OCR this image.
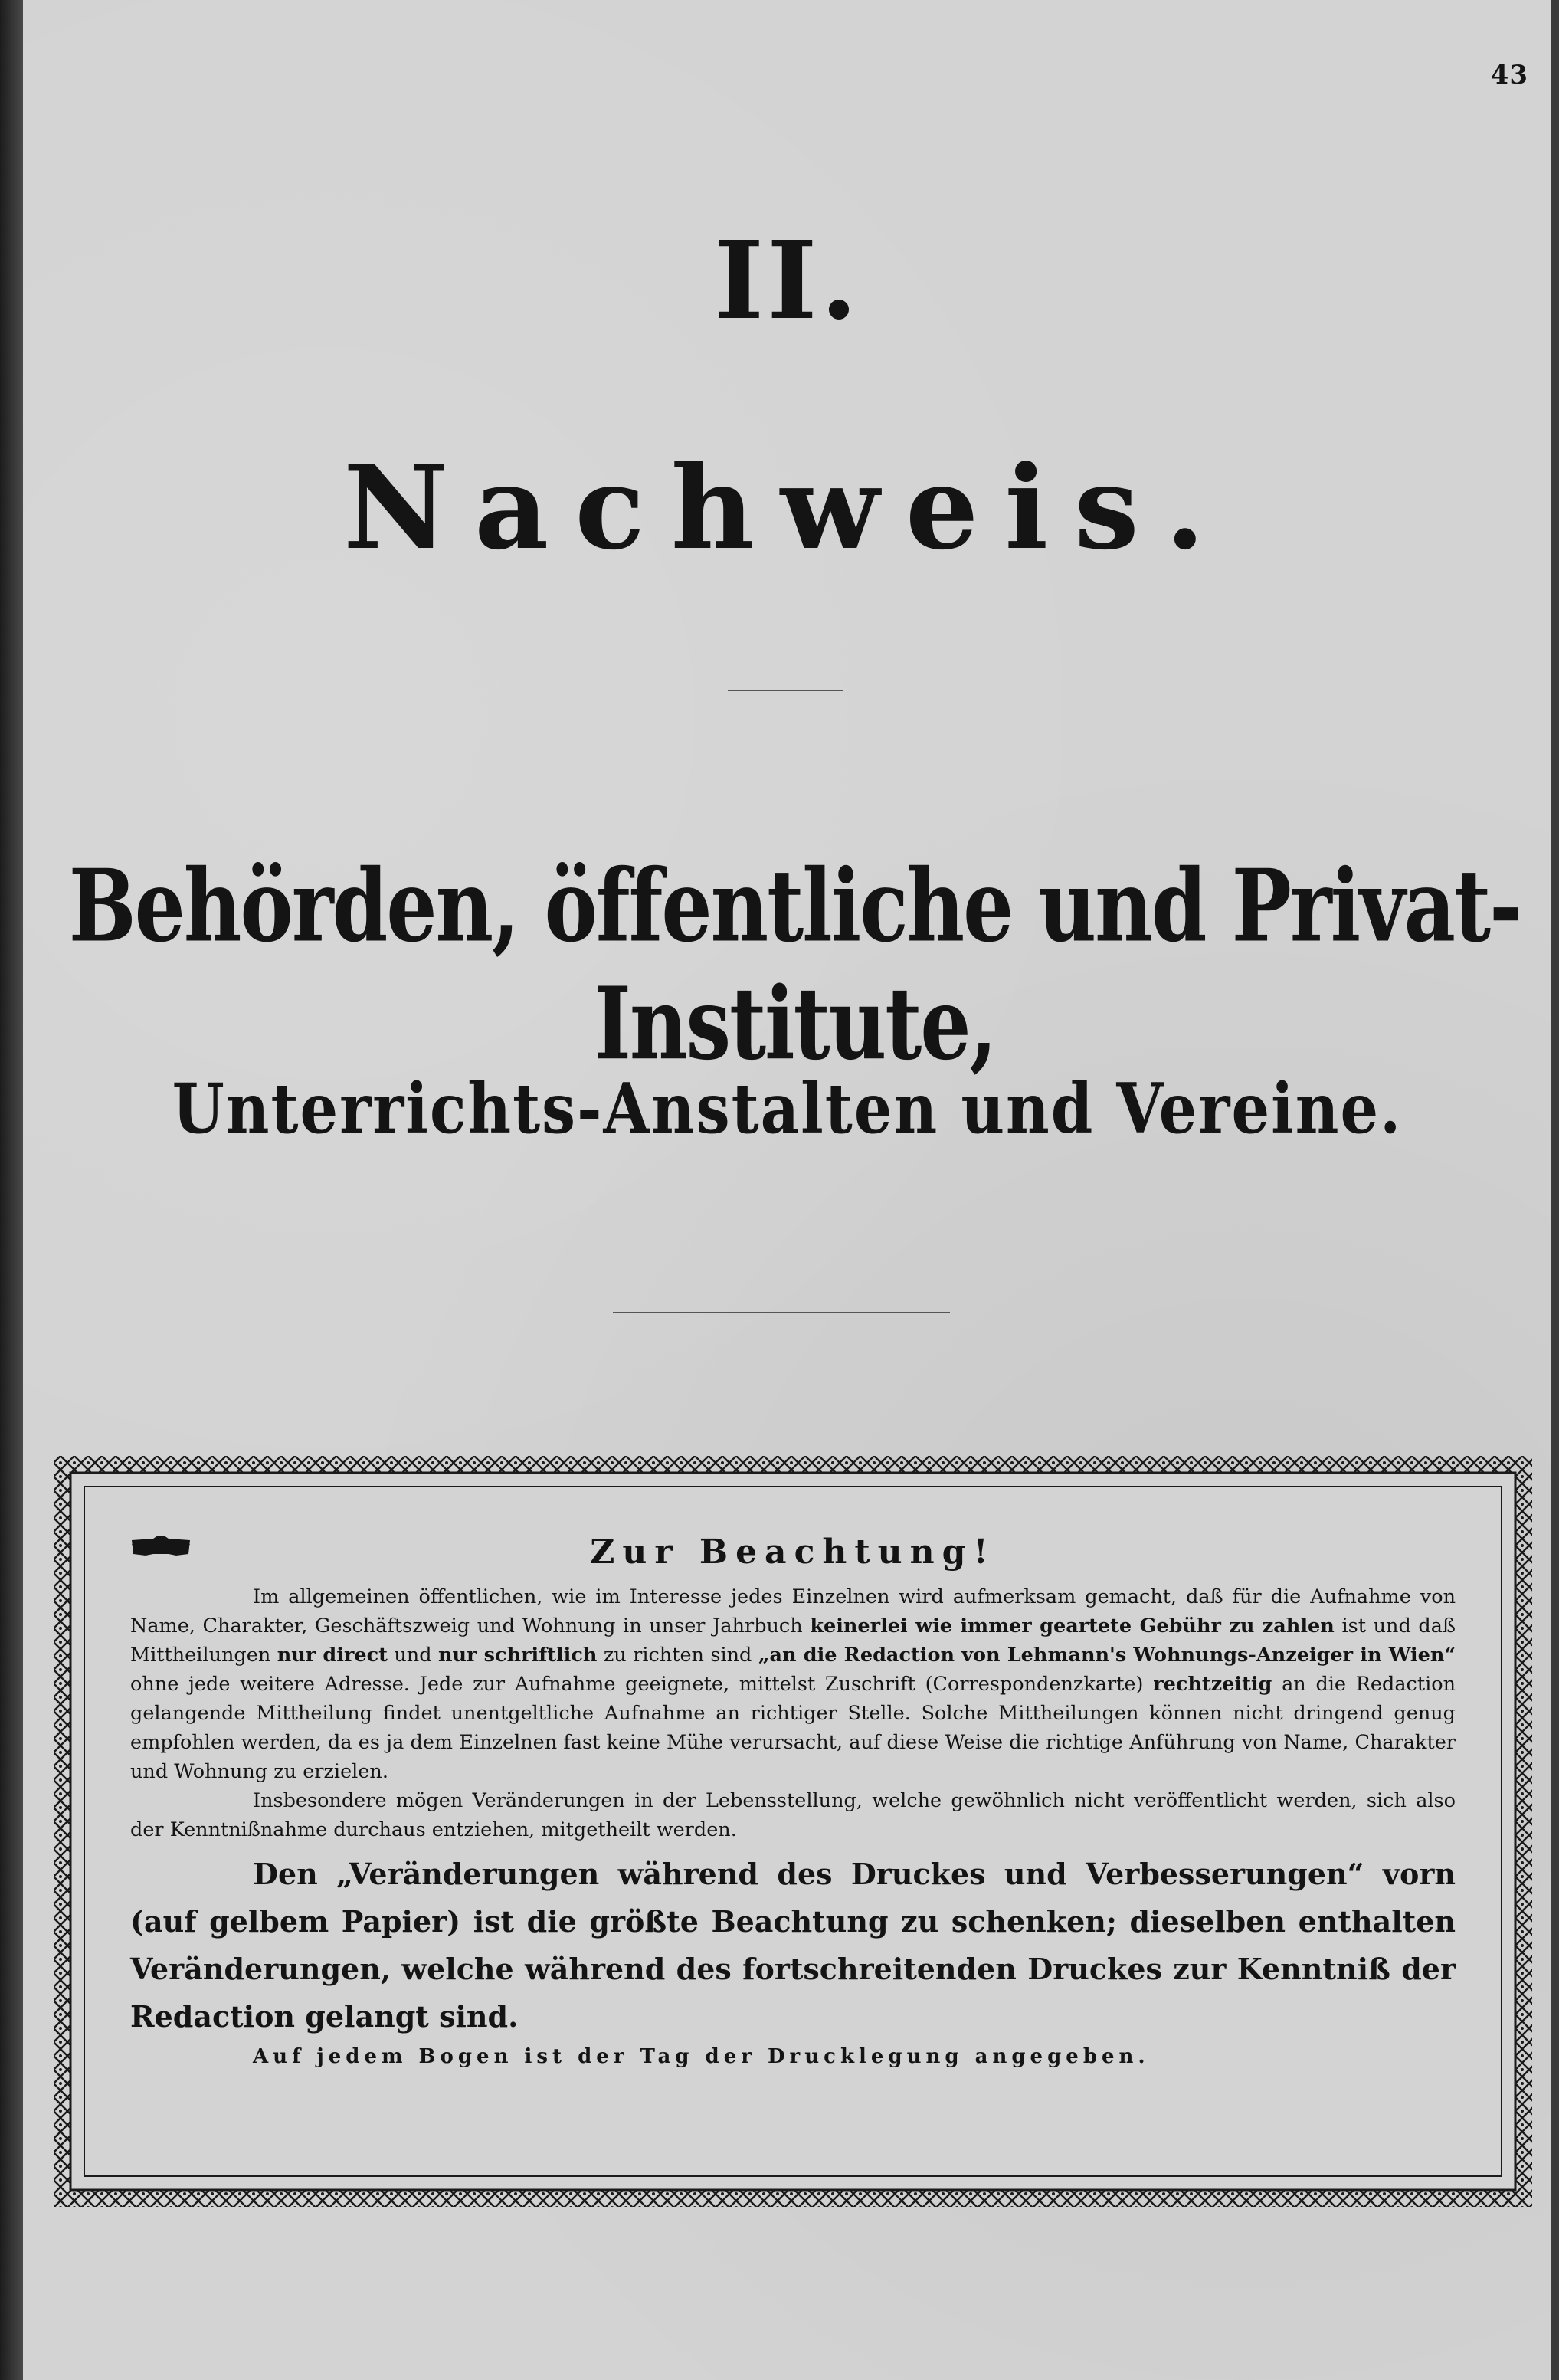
43
II.
Nachweis.
Behörden, öffentliche und Privat-Institute,
Unterrichts-Anstalten und Vereine.
Zur Beachtung!

Im allgemeinen öffentlichen, wie im Interesse jedes Einzelnen wird aufmerksam gemacht, daß für die Aufnahme von Name, Charakter, Geschäftszweig und Wohnung in unser Jahrbuch keinerlei wie immer geartete Gebühr zu zahlen ist und daß Mittheilungen nur direct und nur schriftlich zu richten sind „an die Redaction von Lehmann's Wohnungs-Anzeiger in Wien“ ohne jede weitere Adresse. Jede zur Aufnahme geeignete, mittelst Zuschrift (Correspondenzkarte) rechtzeitig an die Redaction gelangende Mittheilung findet unentgeltliche Aufnahme an richtiger Stelle. Solche Mittheilungen können nicht dringend genug empfohlen werden, da es ja dem Einzelnen fast keine Mühe verursacht, auf diese Weise die richtige Anführung von Name, Charakter und Wohnung zu erzielen.

Insbesondere mögen Veränderungen in der Lebensstellung, welche gewöhnlich nicht veröffentlicht werden, sich also der Kenntnißnahme durchaus entziehen, mitgetheilt werden.

Den „Veränderungen während des Druckes und Verbesserungen“ vorn (auf gelbem Papier) ist die größte Beachtung zu schenken; dieselben enthalten Veränderungen, welche während des fortschreitenden Druckes zur Kenntniß der Redaction gelangt sind.

Auf jedem Bogen ist der Tag der Drucklegung angegeben.
